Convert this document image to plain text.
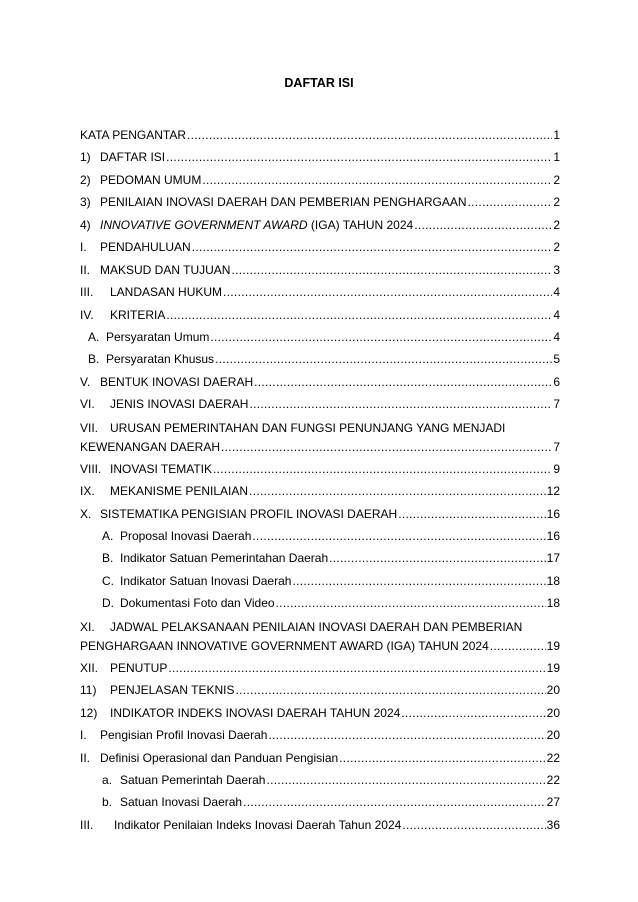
DAFTAR ISI
KATA PENGANTAR .....	1
1) DAFTAR ISI .....	1
2) PEDOMAN UMUM .....	2
3) PENILAIAN INOVASI DAERAH DAN PEMBERIAN PENGHARGAAN .....	2
4) INNOVATIVE GOVERNMENT AWARD (IGA) TAHUN 2024 .....	2
I.	PENDAHULUAN .....	2
II. MAKSUD DAN TUJUAN .....	3
III.	LANDASAN HUKUM .....	4
IV.	KRITERIA .....	4
A. Persyaratan Umum .....	4
B. Persyaratan Khusus .....	5
V. BENTUK INOVASI DAERAH .....	6
VI.	JENIS INOVASI DAERAH .....	7
VII. URUSAN PEMERINTAHAN DAN FUNGSI PENUNJANG YANG MENJADI
KEWENANGAN DAERAH .....	7
VIII. INOVASI TEMATIK .....	9
IX.	MEKANISME PENILAIAN .....	12
X. SISTEMATIKA PENGISIAN PROFIL INOVASI DAERAH .....	16
A. Proposal Inovasi Daerah .....	16
B. Indikator Satuan Pemerintahan Daerah .....	17
C. Indikator Satuan Inovasi Daerah .....	18
D. Dokumentasi Foto dan Video .....	18
XI. JADWAL PELAKSANAAN PENILAIAN INOVASI DAERAH DAN PEMBERIAN
PENGHARGAAN INNOVATIVE GOVERNMENT AWARD (IGA) TAHUN 2024 .....	19
XII. PENUTUP .....	19
11)	PENJELASAN TEKNIS .....	20
12)	INDIKATOR INDEKS INOVASI DAERAH TAHUN 2024 .....	20
I.	Pengisian Profil Inovasi Daerah .....	20
II. Definisi Operasional dan Panduan Pengisian .....	22
a. Satuan Pemerintah Daerah .....	22
b. Satuan Inovasi Daerah .....	27
III.	Indikator Penilaian Indeks Inovasi Daerah Tahun 2024 .....	36
